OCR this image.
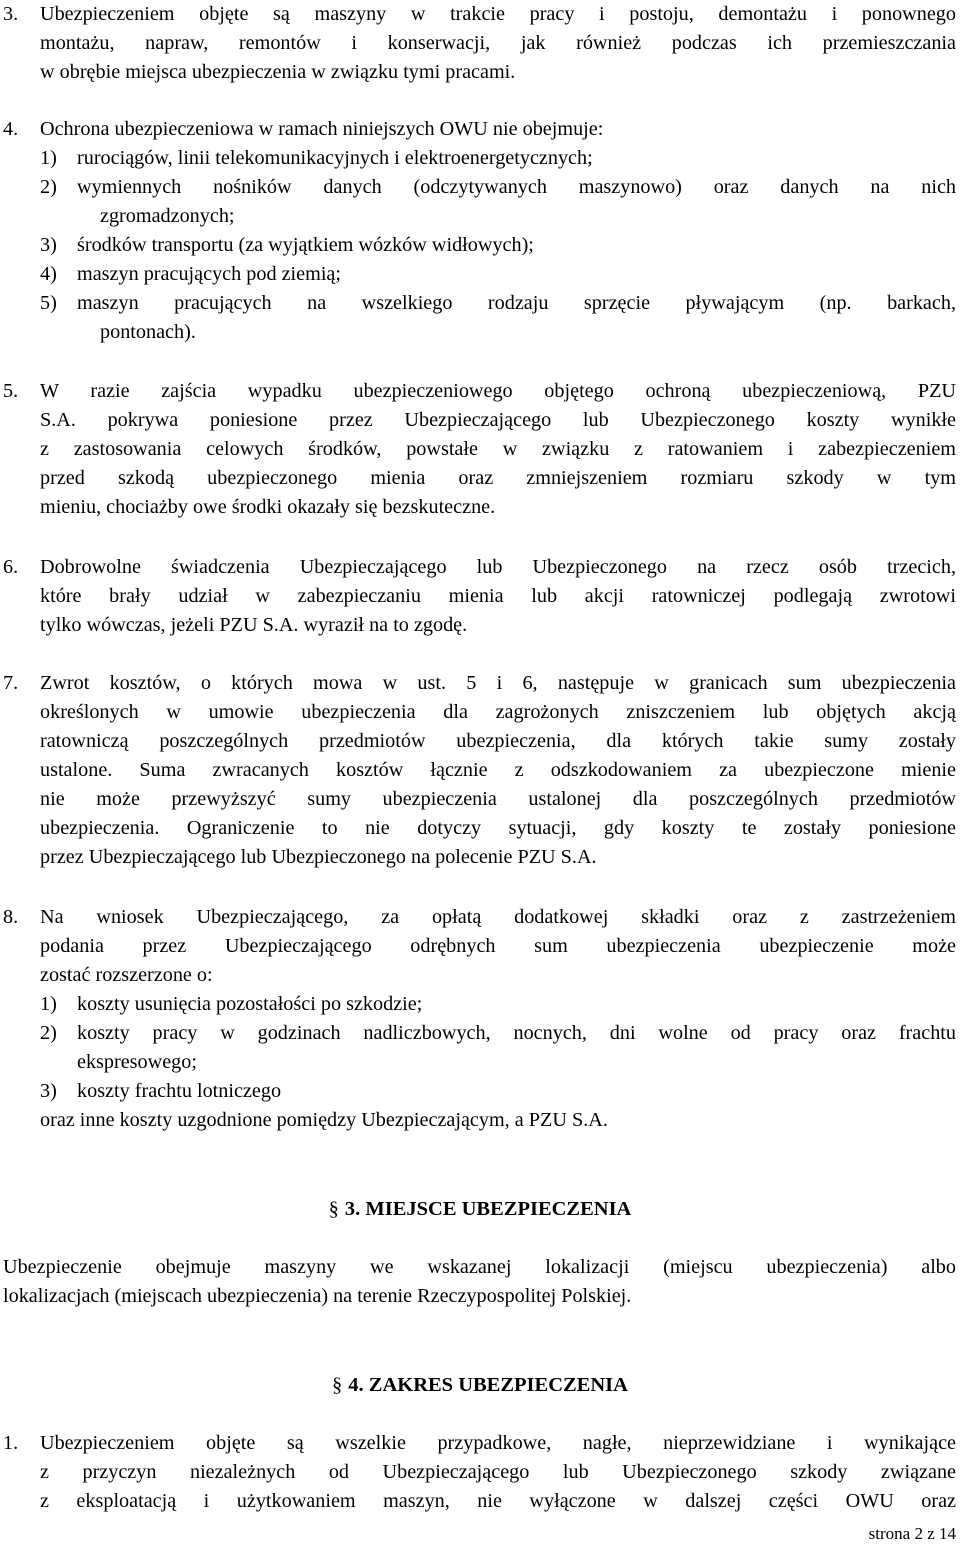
3. Ubezpieczeniem objęte są maszyny w trakcie pracy i postoju, demontażu i ponownego
montażu, napraw, remontów i konserwacji, jak również podczas ich przemieszczania
w obrębie miejsca ubezpieczenia w związku tymi pracami.
4. Ochrona ubezpieczeniowa w ramach niniejszych OWU nie obejmuje:
1) rurociągów, linii telekomunikacyjnych i elektroenergetycznych;
2) wymiennych nośników danych (odczytywanych maszynowo) oraz danych na nich
zgromadzonych;
3) środków transportu (za wyjątkiem wózków widłowych);
4) maszyn pracujących pod ziemią;
5) maszyn pracujących na wszelkiego rodzaju sprzęcie pływającym (np. barkach,
pontonach).
5. W razie zajścia wypadku ubezpieczeniowego objętego ochroną ubezpieczeniową, PZU
S.A. pokrywa poniesione przez Ubezpieczającego lub Ubezpieczonego koszty wynikłe
z zastosowania celowych środków, powstałe w związku z ratowaniem i zabezpieczeniem
przed szkodą ubezpieczonego mienia oraz zmniejszeniem rozmiaru szkody w tym
mieniu, chociażby owe środki okazały się bezskuteczne.
6. Dobrowolne świadczenia Ubezpieczającego lub Ubezpieczonego na rzecz osób trzecich,
które brały udział w zabezpieczaniu mienia lub akcji ratowniczej podlegają zwrotowi
tylko wówczas, jeżeli PZU S.A. wyraził na to zgodę.
7. Zwrot kosztów, o których mowa w ust. 5 i 6, następuje w granicach sum ubezpieczenia
określonych w umowie ubezpieczenia dla zagrożonych zniszczeniem lub objętych akcją
ratowniczą poszczególnych przedmiotów ubezpieczenia, dla których takie sumy zostały
ustalone. Suma zwracanych kosztów łącznie z odszkodowaniem za ubezpieczone mienie
nie może przewyższyć sumy ubezpieczenia ustalonej dla poszczególnych przedmiotów
ubezpieczenia. Ograniczenie to nie dotyczy sytuacji, gdy koszty te zostały poniesione
przez Ubezpieczającego lub Ubezpieczonego na polecenie PZU S.A.
8. Na wniosek Ubezpieczającego, za opłatą dodatkowej składki oraz z zastrzeżeniem
podania przez Ubezpieczającego odrębnych sum ubezpieczenia ubezpieczenie może
zostać rozszerzone o:
1) koszty usunięcia pozostałości po szkodzie;
2) koszty pracy w godzinach nadliczbowych, nocnych, dni wolne od pracy oraz frachtu
ekspresowego;
3) koszty frachtu lotniczego
oraz inne koszty uzgodnione pomiędzy Ubezpieczającym, a PZU S.A.
§ 3. MIEJSCE UBEZPIECZENIA
Ubezpieczenie obejmuje maszyny we wskazanej lokalizacji (miejscu ubezpieczenia) albo
lokalizacjach (miejscach ubezpieczenia) na terenie Rzeczypospolitej Polskiej.
§ 4. ZAKRES UBEZPIECZENIA
1. Ubezpieczeniem objęte są wszelkie przypadkowe, nagłe, nieprzewidziane i wynikające
z przyczyn niezależnych od Ubezpieczającego lub Ubezpieczonego szkody związane
z eksploatacją i użytkowaniem maszyn, nie wyłączone w dalszej części OWU oraz
strona 2 z 14
